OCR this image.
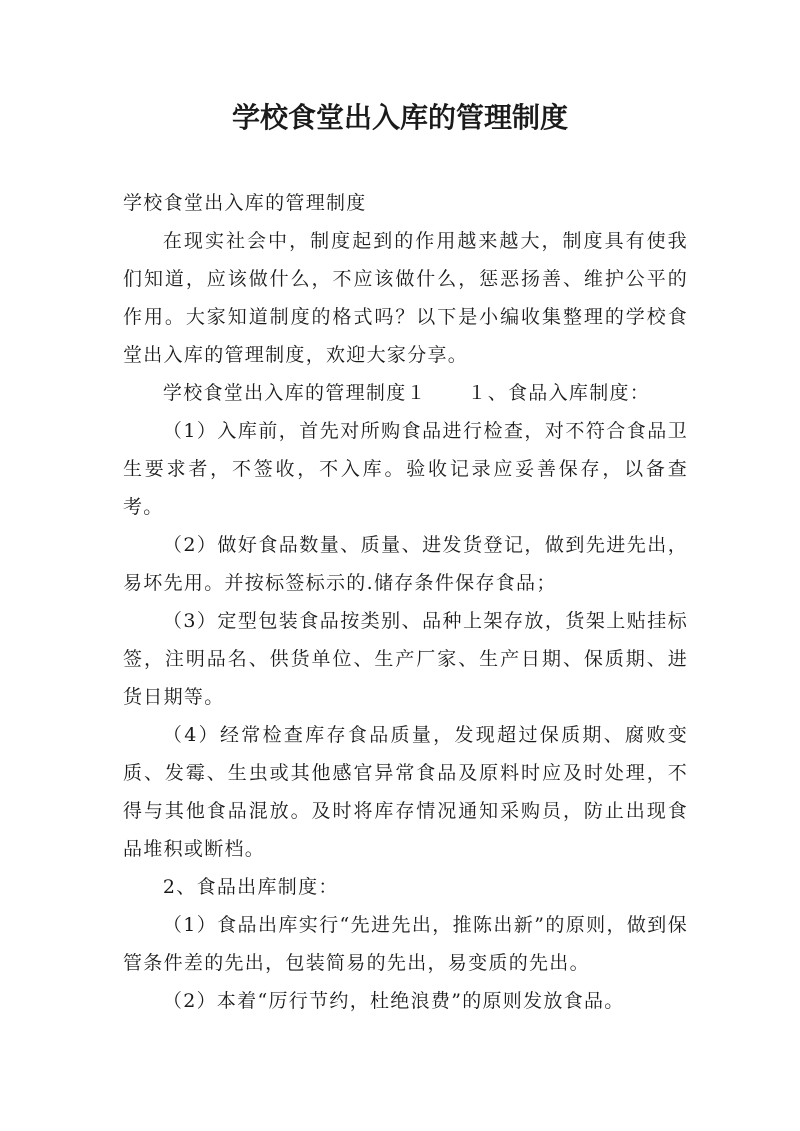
学校食堂出入库的管理制度

学校食堂出入库的管理制度

在现实社会中，制度起到的作用越来越大，制度具有使我们知道，应该做什么，不应该做什么，惩恶扬善、维护公平的作用。大家知道制度的格式吗？以下是小编收集整理的学校食堂出入库的管理制度，欢迎大家分享。

学校食堂出入库的管理制度１　　１、食品入库制度：

（1）入库前，首先对所购食品进行检查，对不符合食品卫生要求者，不签收，不入库。验收记录应妥善保存，以备查考。

（2）做好食品数量、质量、进发货登记，做到先进先出，易坏先用。并按标签标示的.储存条件保存食品；

（3）定型包装食品按类别、品种上架存放，货架上贴挂标签，注明品名、供货单位、生产厂家、生产日期、保质期、进货日期等。

（4）经常检查库存食品质量，发现超过保质期、腐败变质、发霉、生虫或其他感官异常食品及原料时应及时处理，不得与其他食品混放。及时将库存情况通知采购员，防止出现食品堆积或断档。

2、食品出库制度：

（1）食品出库实行“先进先出，推陈出新”的原则，做到保管条件差的先出，包装简易的先出，易变质的先出。

（2）本着“厉行节约，杜绝浪费”的原则发放食品。
